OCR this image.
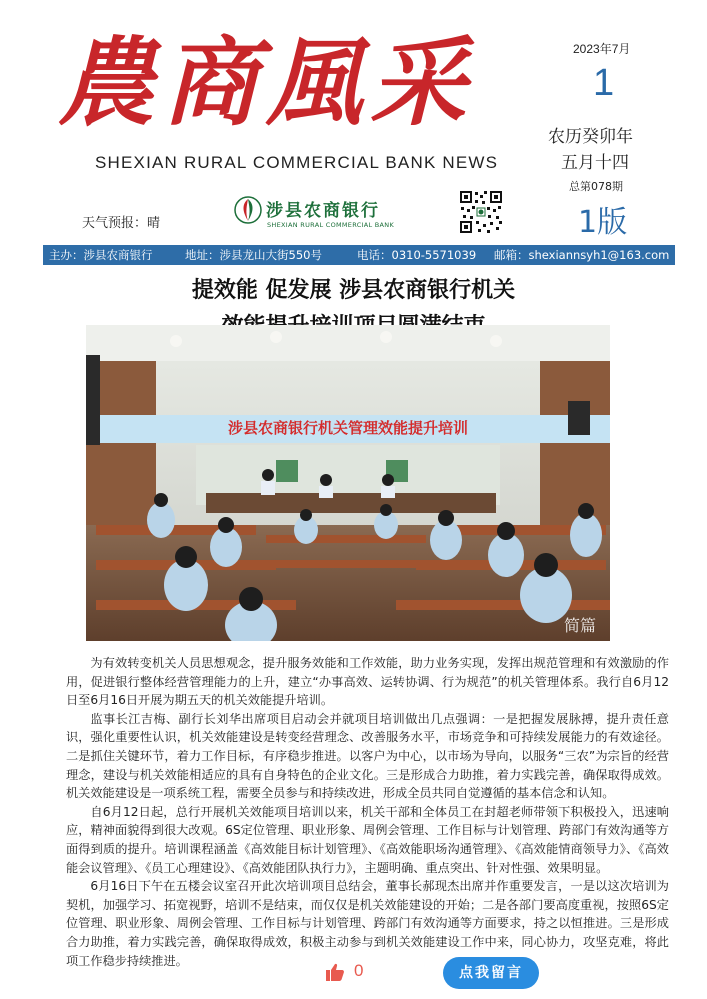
農商風采
SHEXIAN RURAL COMMERCIAL BANK NEWS
2023年7月
1
农历癸卯年
五月十四
总第078期
1版
天气预报：晴
涉县农商银行
SHEXIAN RURAL COMMERCIAL BANK
主办：涉县农商银行	地址：涉县龙山大街550号	电话：0310-5571039 邮箱：shexiannsyh1@163.com
提效能 促发展 涉县农商银行机关
涉县农商银行机关管理效能提升培训
简篇

为有效转变机关人员思想观念，提升服务效能和工作效能，助力业务实现，发挥出规范管理和有效激励的作用，促进银行整体经营管理能力的上升，建立“办事高效、运转协调、行为规范”的机关管理体系。我行自6月12日至6月16日开展为期五天的机关效能提升培训。

监事长江吉梅、副行长刘华出席项目启动会并就项目培训做出几点强调：一是把握发展脉搏，提升责任意识，强化重要性认识，机关效能建设是转变经营理念、改善服务水平，市场竞争和可持续发展能力的有效途径。二是抓住关键环节，着力工作目标，有序稳步推进。以客户为中心，以市场为导向，以服务“三农”为宗旨的经营理念，建设与机关效能相适应的具有自身特色的企业文化。三是形成合力助推，着力实践完善，确保取得成效。机关效能建设是一项系统工程，需要全员参与和持续改进，形成全员共同自觉遵循的基本信念和认知。

自6月12日起，总行开展机关效能项目培训以来，机关干部和全体员工在封超老师带领下积极投入，迅速响应，精神面貌得到很大改观。6S定位管理、职业形象、周例会管理、工作目标与计划管理、跨部门有效沟通等方面得到质的提升。培训课程涵盖《高效能目标计划管理》、《高效能职场沟通管理》、《高效能情商领导力》、《高效能会议管理》、《员工心理建设》、《高效能团队执行力》，主题明确、重点突出、针对性强、效果明显。

6月16日下午在五楼会议室召开此次培训项目总结会，董事长郝现杰出席并作重要发言，一是以这次培训为契机，加强学习、拓宽视野，培训不是结束，而仅仅是机关效能建设的开始；二是各部门要高度重视，按照6S定位管理、职业形象、周例会管理、工作目标与计划管理、跨部门有效沟通等方面要求，持之以恒推进。三是形成合力助推，着力实践完善，确保取得成效，积极主动参与到机关效能建设工作中来，同心协力，攻坚克难，将此项工作稳步持续推进。

0	点我留言
